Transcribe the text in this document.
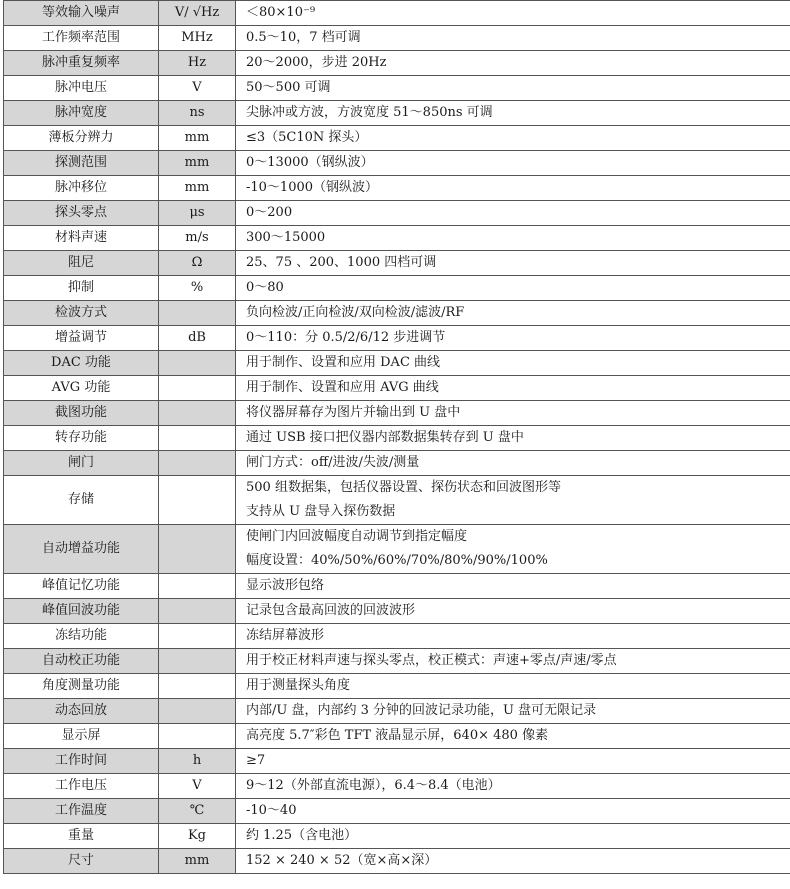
等效输入噪声	V/ √Hz	＜80×10⁻⁹

工作频率范围	MHz	0.5～10，7 档可调

脉冲重复频率	Hz	20～2000，步进 20Hz

脉冲电压	V	50～500 可调

脉冲宽度	ns	尖脉冲或方波，方波宽度 51～850ns 可调

薄板分辨力	mm	≤3（5C10N 探头）

探测范围	mm	0～13000（钢纵波）

脉冲移位	mm	-10～1000（钢纵波）

探头零点	μs	0～200

材料声速	m/s	300～15000

阻尼	Ω	25、75 、200、1000 四档可调

抑制	%	0～80

检波方式		负向检波/正向检波/双向检波/滤波/RF

增益调节	dB	0～110：分 0.5/2/6/12 步进调节

DAC 功能		用于制作、设置和应用 DAC 曲线

AVG 功能		用于制作、设置和应用 AVG 曲线

截图功能		将仪器屏幕存为图片并输出到 U 盘中

转存功能		通过 USB 接口把仪器内部数据集转存到 U 盘中

闸门		闸门方式：off/进波/失波/测量

存储		500 组数据集，包括仪器设置、探伤状态和回波图形等
支持从 U 盘导入探伤数据

自动增益功能		使闸门内回波幅度自动调节到指定幅度
幅度设置：40%/50%/60%/70%/80%/90%/100%

峰值记忆功能		显示波形包络

峰值回波功能		记录包含最高回波的回波波形

冻结功能		冻结屏幕波形

自动校正功能		用于校正材料声速与探头零点，校正模式：声速+零点/声速/零点

角度测量功能		用于测量探头角度

动态回放		内部/U 盘，内部约 3 分钟的回波记录功能，U 盘可无限记录

显示屏		高亮度 5.7″彩色 TFT 液晶显示屏，640× 480 像素

工作时间	h	≥7

工作电压	V	9～12（外部直流电源），6.4～8.4（电池）

工作温度	℃	-10～40

重量	Kg	约 1.25（含电池）

尺寸	mm	152 × 240 × 52（宽×高×深）
